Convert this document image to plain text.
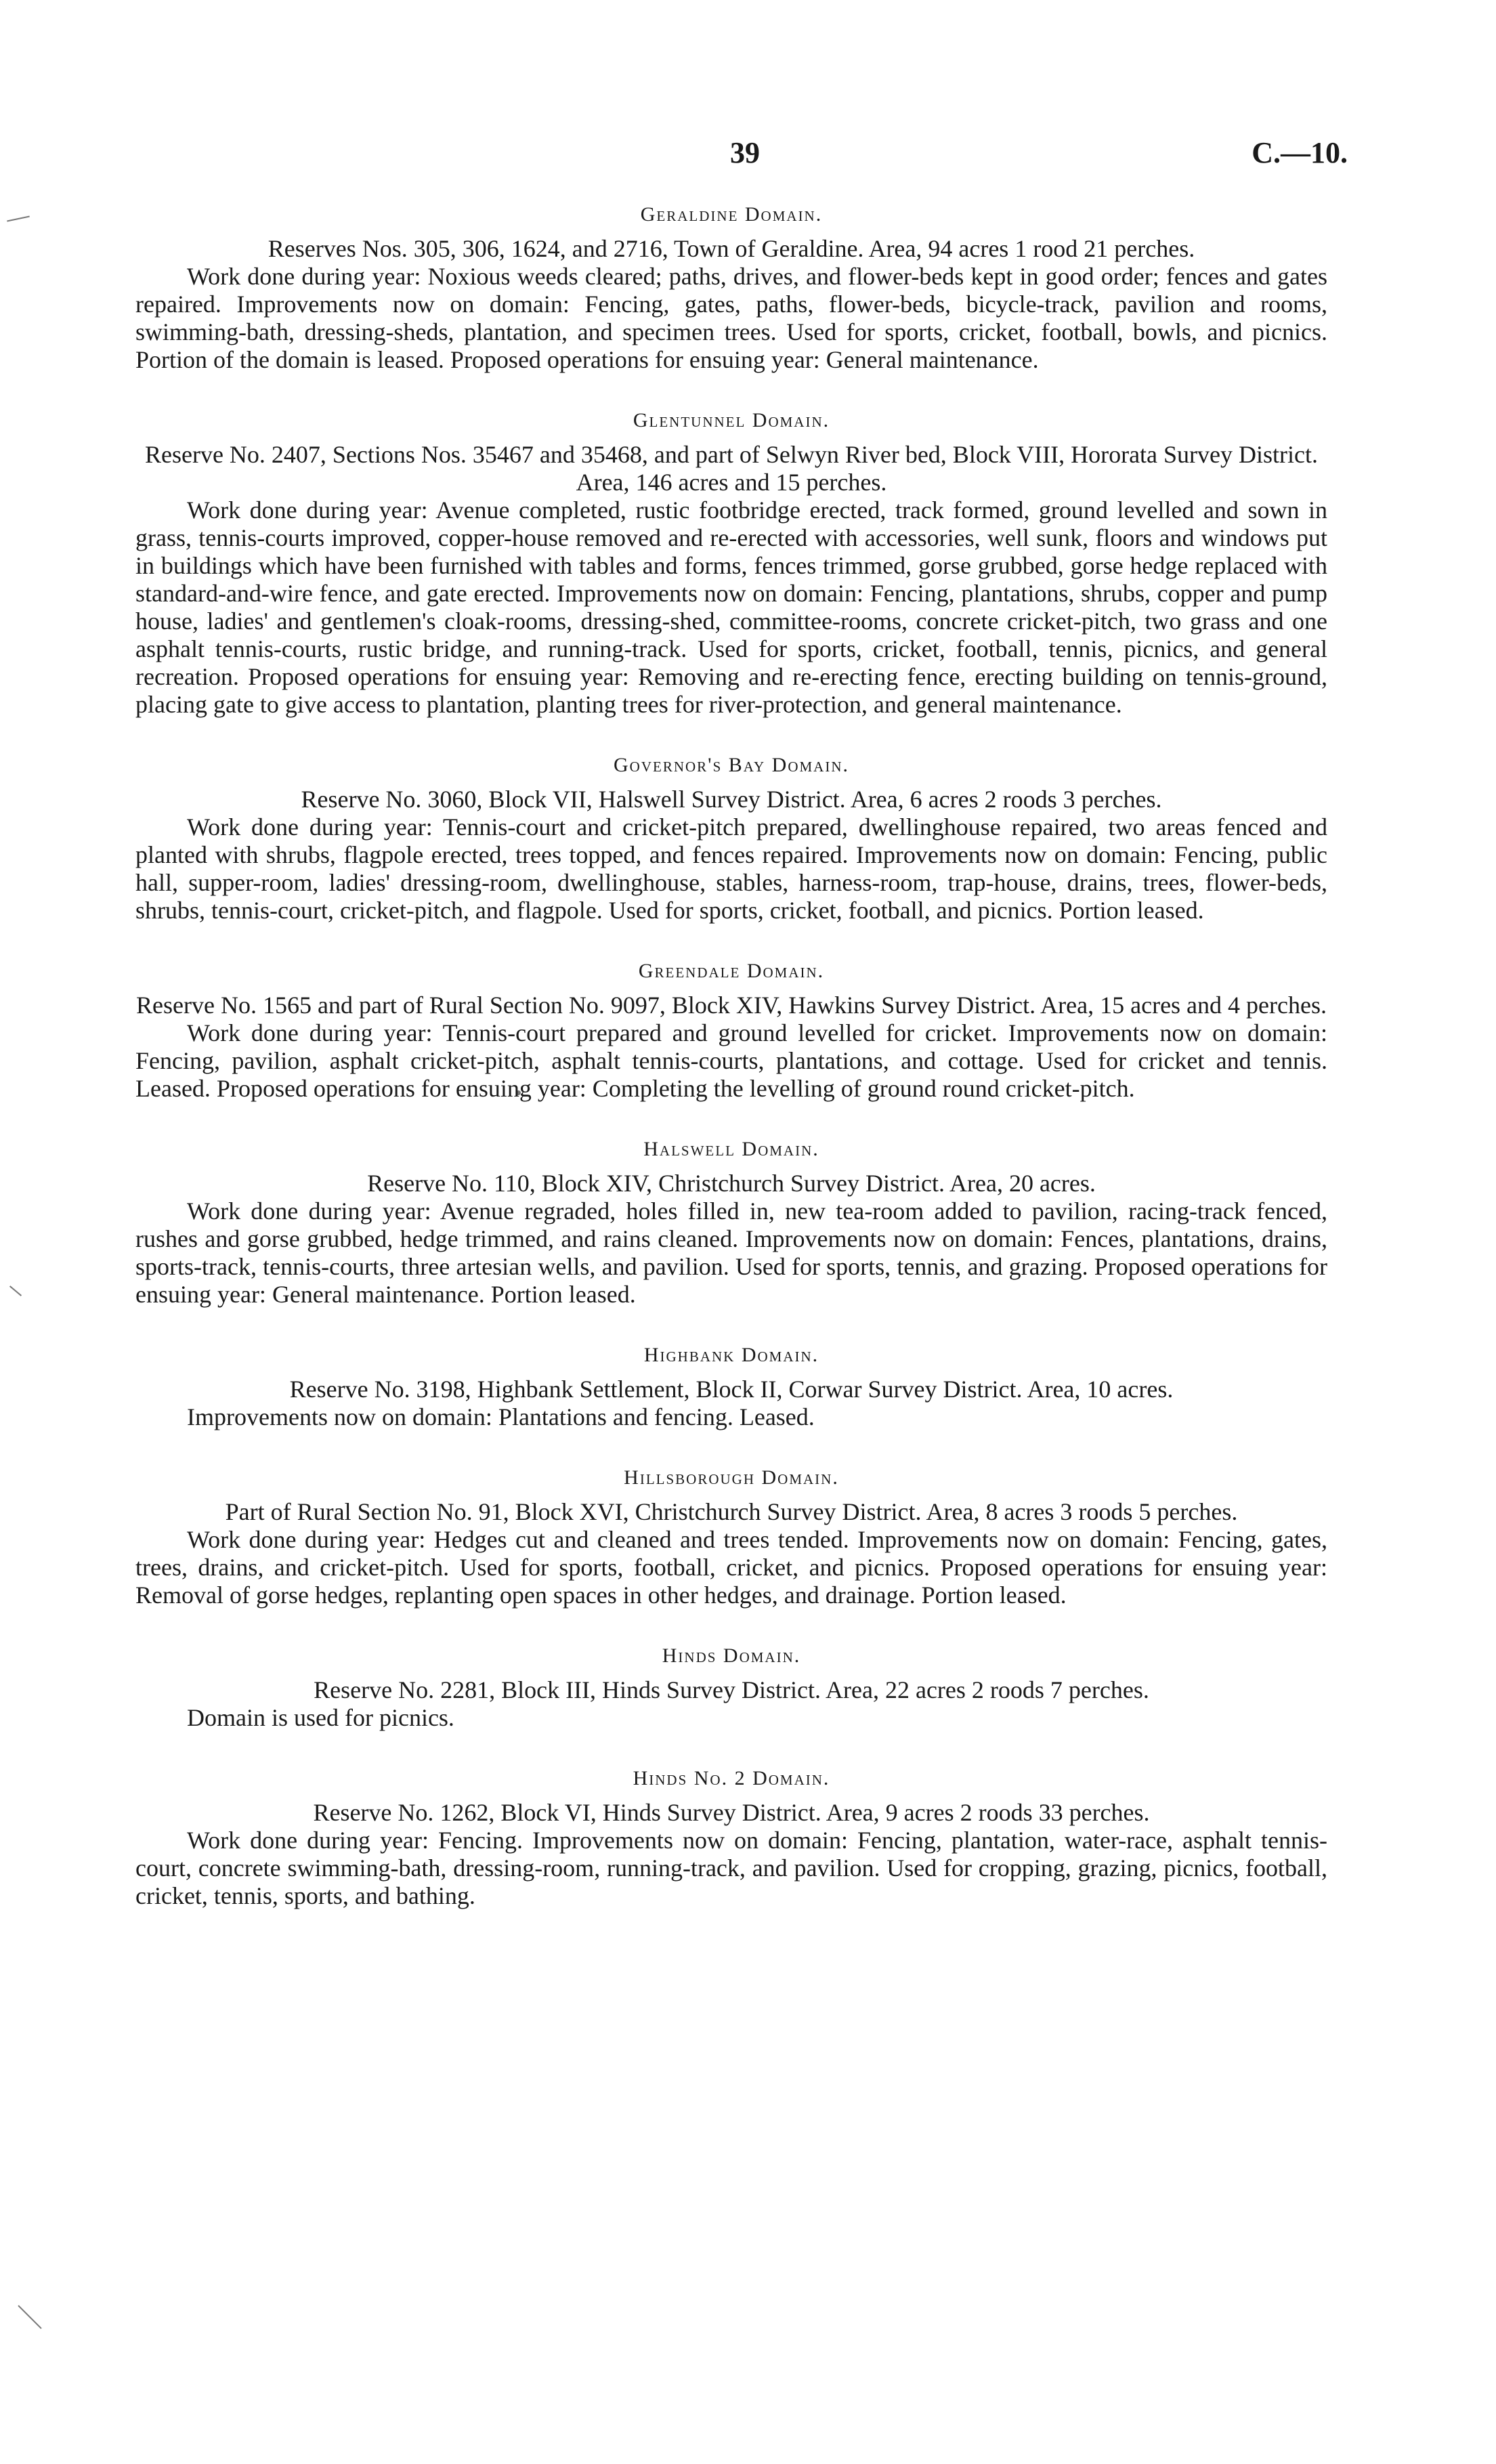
39	C.—10.
Geraldine Domain.

Reserves Nos. 305, 306, 1624, and 2716, Town of Geraldine. Area, 94 acres 1 rood 21 perches.

Work done during year: Noxious weeds cleared; paths, drives, and flower-beds kept in good order; fences and gates repaired. Improvements now on domain: Fencing, gates, paths, flower-beds, bicycle-track, pavilion and rooms, swimming-bath, dressing-sheds, plantation, and specimen trees. Used for sports, cricket, football, bowls, and picnics. Portion of the domain is leased. Proposed operations for ensuing year: General maintenance.

Glentunnel Domain.

Reserve No. 2407, Sections Nos. 35467 and 35468, and part of Selwyn River bed, Block VIII, Hororata Survey District. Area, 146 acres and 15 perches.

Work done during year: Avenue completed, rustic footbridge erected, track formed, ground levelled and sown in grass, tennis-courts improved, copper-house removed and re-erected with accessories, well sunk, floors and windows put in buildings which have been furnished with tables and forms, fences trimmed, gorse grubbed, gorse hedge replaced with standard-and-wire fence, and gate erected. Improvements now on domain: Fencing, plantations, shrubs, copper and pump house, ladies' and gentlemen's cloak-rooms, dressing-shed, committee-rooms, concrete cricket-pitch, two grass and one asphalt tennis-courts, rustic bridge, and running-track. Used for sports, cricket, football, tennis, picnics, and general recreation. Proposed operations for ensuing year: Removing and re-erecting fence, erecting building on tennis-ground, placing gate to give access to plantation, planting trees for river-protection, and general maintenance.

Governor's Bay Domain.

Reserve No. 3060, Block VII, Halswell Survey District. Area, 6 acres 2 roods 3 perches.

Work done during year: Tennis-court and cricket-pitch prepared, dwellinghouse repaired, two areas fenced and planted with shrubs, flagpole erected, trees topped, and fences repaired. Improvements now on domain: Fencing, public hall, supper-room, ladies' dressing-room, dwellinghouse, stables, harness-room, trap-house, drains, trees, flower-beds, shrubs, tennis-court, cricket-pitch, and flagpole. Used for sports, cricket, football, and picnics. Portion leased.

Greendale Domain.

Reserve No. 1565 and part of Rural Section No. 9097, Block XIV, Hawkins Survey District. Area, 15 acres and 4 perches.

Work done during year: Tennis-court prepared and ground levelled for cricket. Improvements now on domain: Fencing, pavilion, asphalt cricket-pitch, asphalt tennis-courts, plantations, and cottage. Used for cricket and tennis. Leased. Proposed operations for ensuing year: Completing the levelling of ground round cricket-pitch.

Halswell Domain.

Reserve No. 110, Block XIV, Christchurch Survey District. Area, 20 acres.

Work done during year: Avenue regraded, holes filled in, new tea-room added to pavilion, racing-track fenced, rushes and gorse grubbed, hedge trimmed, and rains cleaned. Improvements now on domain: Fences, plantations, drains, sports-track, tennis-courts, three artesian wells, and pavilion. Used for sports, tennis, and grazing. Proposed operations for ensuing year: General maintenance. Portion leased.

Highbank Domain.

Reserve No. 3198, Highbank Settlement, Block II, Corwar Survey District. Area, 10 acres.

Improvements now on domain: Plantations and fencing. Leased.

Hillsborough Domain.

Part of Rural Section No. 91, Block XVI, Christchurch Survey District. Area, 8 acres 3 roods 5 perches.

Work done during year: Hedges cut and cleaned and trees tended. Improvements now on domain: Fencing, gates, trees, drains, and cricket-pitch. Used for sports, football, cricket, and picnics. Proposed operations for ensuing year: Removal of gorse hedges, replanting open spaces in other hedges, and drainage. Portion leased.

Hinds Domain.

Reserve No. 2281, Block III, Hinds Survey District. Area, 22 acres 2 roods 7 perches.

Domain is used for picnics.

Hinds No. 2 Domain.

Reserve No. 1262, Block VI, Hinds Survey District. Area, 9 acres 2 roods 33 perches.

Work done during year: Fencing. Improvements now on domain: Fencing, plantation, water-race, asphalt tennis-court, concrete swimming-bath, dressing-room, running-track, and pavilion. Used for cropping, grazing, picnics, football, cricket, tennis, sports, and bathing.
